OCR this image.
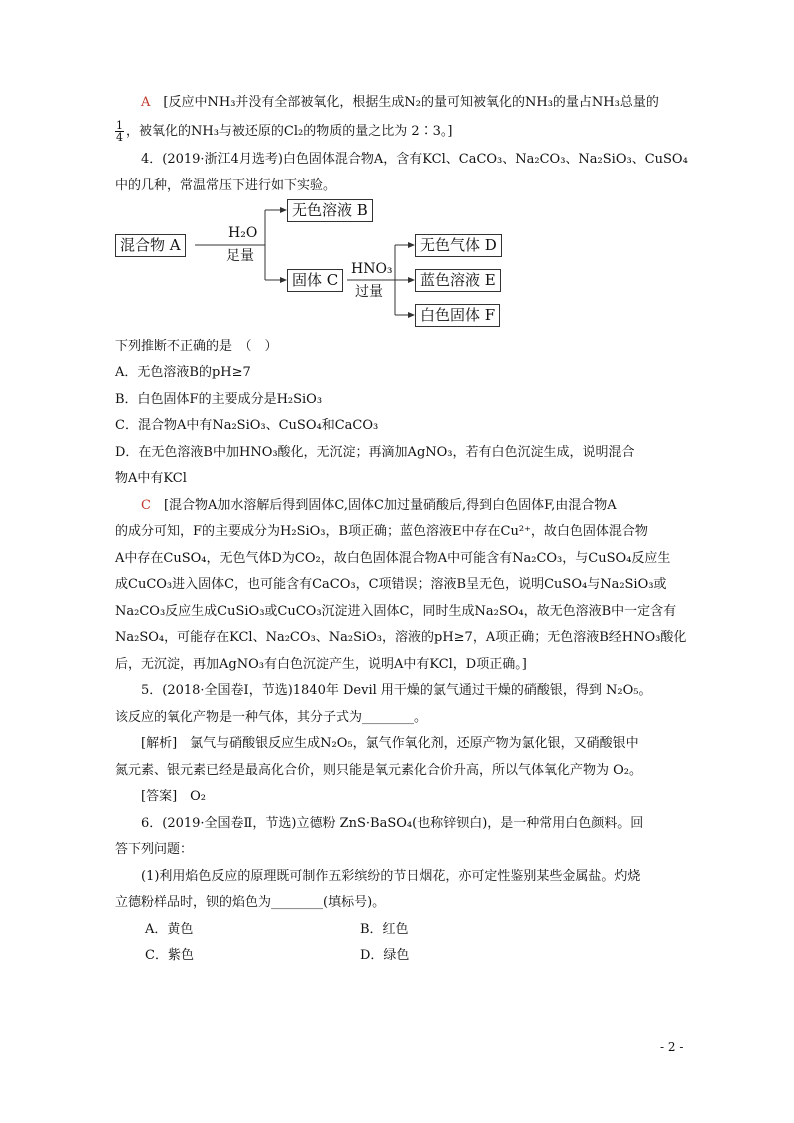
A　 [反应中NH₃并没有全部被氧化，根据生成N₂的量可知被氧化的NH₃的量占NH₃总量的

$\frac{1}{4}$ ，被氧化的NH₃与被还原的Cl₂的物质的量之比为 2∶3。]

4．(2019·浙江4月选考)白色固体混合物A，含有KCl、CaCO₃、Na₂CO₃、Na₂SiO₃、CuSO₄

中的几种，常温常压下进行如下实验。

混合物 A
H₂O
足量
无色溶液 B
固体 C
HNO₃
过量
无色气体 D
蓝色溶液 E
白色固体 F

下列推断不正确的是　（　）

A．无色溶液B的pH≥7

B．白色固体F的主要成分是H₂SiO₃

C．混合物A中有Na₂SiO₃、CuSO₄和CaCO₃

D．在无色溶液B中加HNO₃酸化，无沉淀；再滴加AgNO₃，若有白色沉淀生成，说明混合

物A中有KCl

C　 [混合物A加水溶解后得到固体C,固体C加过量硝酸后,得到白色固体F,由混合物A

的成分可知，F的主要成分为H₂SiO₃，B项正确；蓝色溶液E中存在Cu²⁺，故白色固体混合物

A中存在CuSO₄，无色气体D为CO₂，故白色固体混合物A中可能含有Na₂CO₃，与CuSO₄反应生

成CuCO₃进入固体C，也可能含有CaCO₃，C项错误；溶液B呈无色，说明CuSO₄与Na₂SiO₃或

Na₂CO₃反应生成CuSiO₃或CuCO₃沉淀进入固体C，同时生成Na₂SO₄，故无色溶液B中一定含有

Na₂SO₄，可能存在KCl、Na₂CO₃、Na₂SiO₃，溶液的pH≥7，A项正确；无色溶液B经HNO₃酸化

后，无沉淀，再加AgNO₃有白色沉淀产生，说明A中有KCl，D项正确。]

5．(2018·全国卷Ⅰ，节选)1840年 Devil 用干燥的氯气通过干燥的硝酸银，得到 N₂O₅。

该反应的氧化产物是一种气体，其分子式为________。

[解析]　氯气与硝酸银反应生成N₂O₅，氯气作氧化剂，还原产物为氯化银，又硝酸银中

氮元素、银元素已经是最高化合价，则只能是氧元素化合价升高，所以气体氧化产物为 O₂。

[答案]　O₂

6．(2019·全国卷Ⅱ，节选)立德粉 ZnS·BaSO₄(也称锌钡白)，是一种常用白色颜料。回

答下列问题：

(1)利用焰色反应的原理既可制作五彩缤纷的节日烟花，亦可定性鉴别某些金属盐。灼烧

立德粉样品时，钡的焰色为________(填标号)。

A．黄色	B．红色
C．紫色	D．绿色
- 2 -
